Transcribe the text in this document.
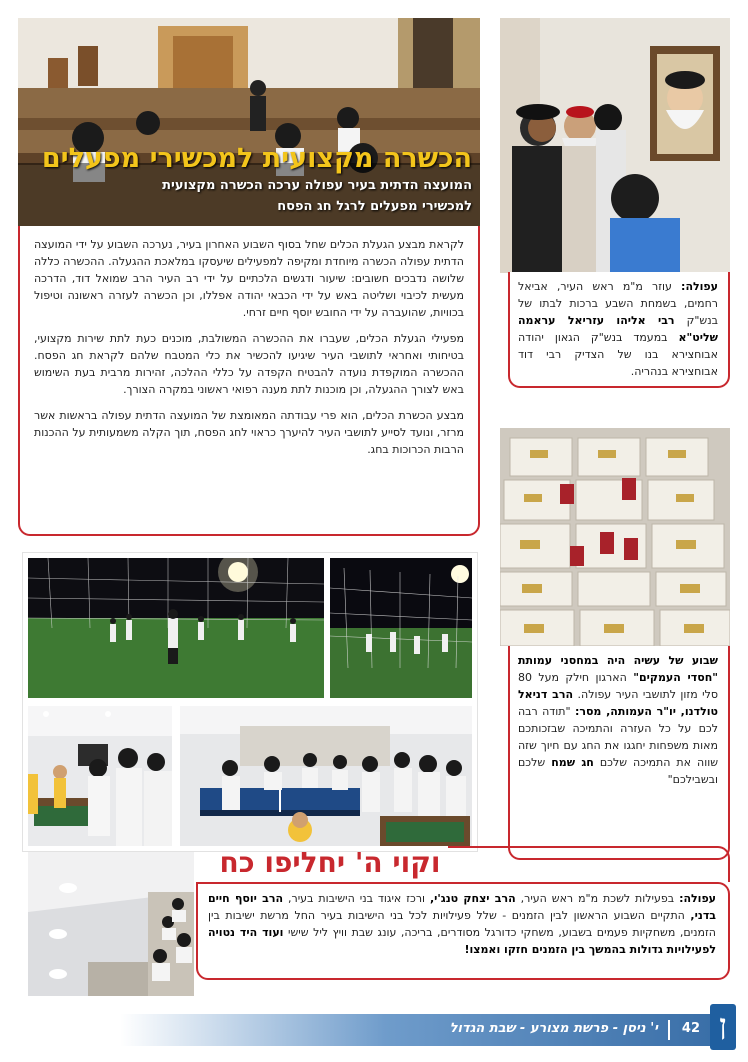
הכשרה מקצועית למכשירי מפעלים
המועצה הדתית בעיר עפולה ערכה הכשרה מקצועית
למכשירי מפעלים לרגל חג הפסח

לקראת מבצע הגעלת הכלים שחל בסוף השבוע האחרון בעיר, נערכה השבוע על ידי המועצה הדתית עפולה הכשרה מיוחדת ומקיפה למפעילים שיעסקו במלאכת ההגעלה. ההכשרה כללה שלושה נדבכים חשובים: שיעור ודגשים הלכתיים על ידי רב העיר הרב שמואל דוד, הדרכה מעשית לכיבוי ושליטה באש על ידי הכבאי יהודה אפללו, וכן הכשרה לעזרה ראשונה וטיפול בכוויות, שהועברה על ידי החובש יוסף חיים זרחי.

מפעילי הגעלת הכלים, שעברו את ההכשרה המשולבת, מוכנים כעת לתת שירות מקצועי, בטיחותי ואחראי לתושבי העיר שיגיעו להכשיר את כלי המטבח שלהם לקראת חג הפסח. ההכשרה המוקפדת נועדה להבטיח הקפדה על כללי ההלכה, זהירות מרבית בעת השימוש באש לצורך ההגעלה, וכן מוכנות לתת מענה רפואי ראשוני במקרה הצורך.

מבצע הכשרת הכלים, הוא פרי עבודתה המאומצת של המועצה הדתית עפולה בראשות אשר מרזר, ונועד לסייע לתושבי העיר להיערך כראוי לחג הפסח, תוך הקלה משמעותית על ההכנות הרבות הכרוכות בחג.

עפולה: עוזר מ"מ ראש העיר, אביאל רחמים, בשמחת השבע ברכות לבתו של בנש"ק רבי אליהו עזריאל עראמה שליט"א במעמד בנש"ק הגאון יהודה אבוחצירא בנו של הצדיק רבי דוד אבוחצירא בנהריה.

שבוע של עשיה היה במחסני עמותת "חסדי העמקים" הארגון חילק מעל 80 סלי מזון לתושבי העיר עפולה. הרב דניאל טולדנו, יו"ר העמותה, מסר: "תודה רבה לכם על כל העזרה והתמיכה שבזכותכם מאות משפחות יחגגו את החג עם חיוך שזה שווה את התמיכה שלכם חג שמח שלכם ובשבילכם"

וקוי ה' יחליפו כח

עפולה: בפעילות לשכת מ"מ ראש העיר, הרב יצחק טנג'י, ורכז איגוד בני הישיבות בעיר, הרב יוסף חיים בדני, התקיים השבוע הראשון לבין הזמנים - שלל פעילויות לכל בני הישיבות בעיר החל מרשת ישיבות בין הזמנים, משחקיות פעמים בשבוע, משחקי כדורגל מסודרים, בריכה, עונג שבת וויץ ליל שישי ועוד היד נטויה לפעילויות גדולות בהמשך בין הזמנים חזקו ואמצו!

42
י' ניסן - פרשת מצורע - שבת הגדול	ן
